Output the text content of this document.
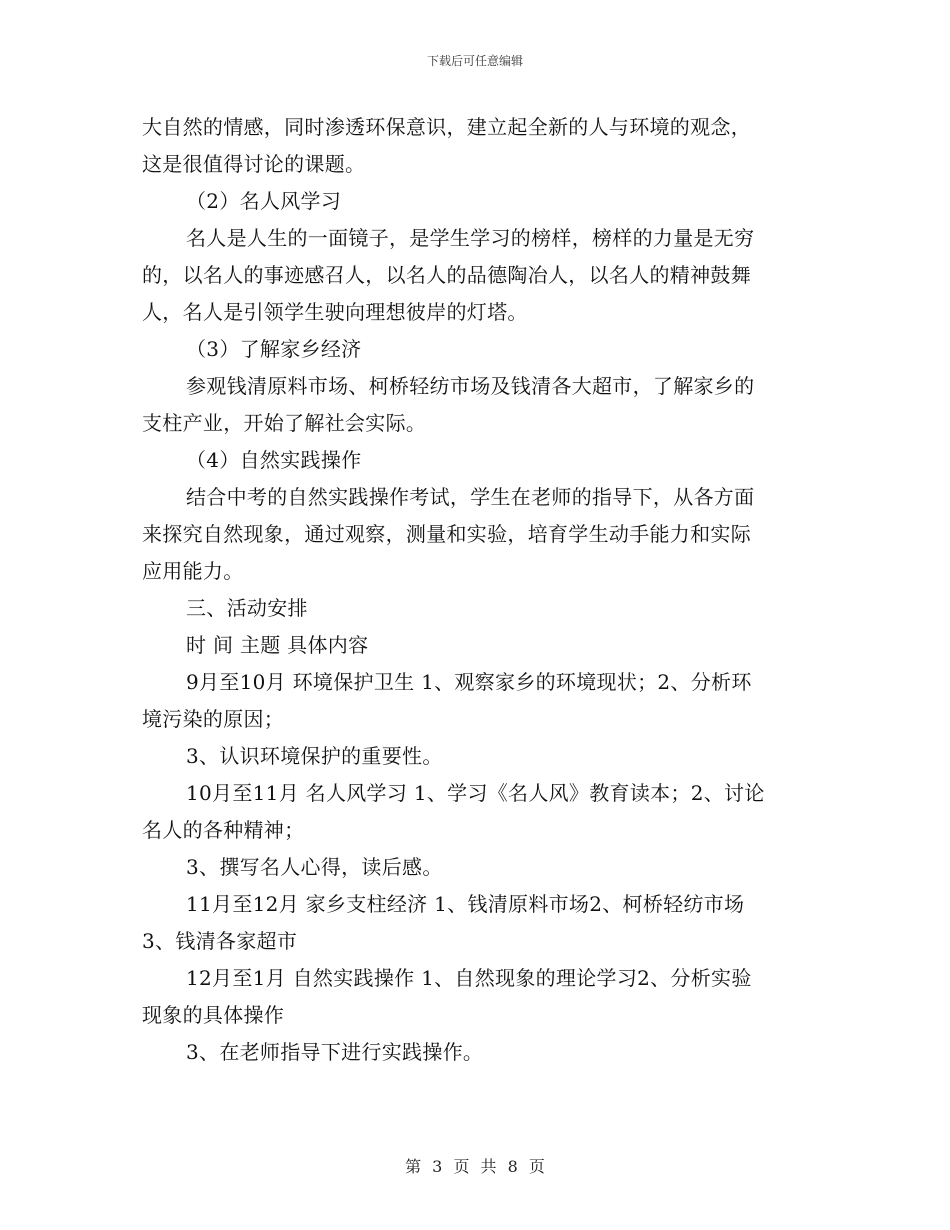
下载后可任意编辑
大自然的情感，同时渗透环保意识，建立起全新的人与环境的观念，
这是很值得讨论的课题。
（2）名人风学习
名人是人生的一面镜子，是学生学习的榜样，榜样的力量是无穷
的，以名人的事迹感召人，以名人的品德陶冶人，以名人的精神鼓舞
人，名人是引领学生驶向理想彼岸的灯塔。
（3）了解家乡经济
参观钱清原料市场、柯桥轻纺市场及钱清各大超市，了解家乡的
支柱产业，开始了解社会实际。
（4）自然实践操作
结合中考的自然实践操作考试，学生在老师的指导下，从各方面
来探究自然现象，通过观察，测量和实验，培育学生动手能力和实际
应用能力。
三、活动安排
时 间 主题 具体内容
9月至10月 环境保护卫生 1、观察家乡的环境现状；2、分析环
境污染的原因；
3、认识环境保护的重要性。
10月至11月 名人风学习 1、学习《名人风》教育读本；2、讨论
名人的各种精神；
3、撰写名人心得，读后感。
11月至12月 家乡支柱经济 1、钱清原料市场2、柯桥轻纺市场
3、钱清各家超市
12月至1月 自然实践操作 1、自然现象的理论学习2、分析实验
现象的具体操作
3、在老师指导下进行实践操作。
第 3 页 共 8 页
